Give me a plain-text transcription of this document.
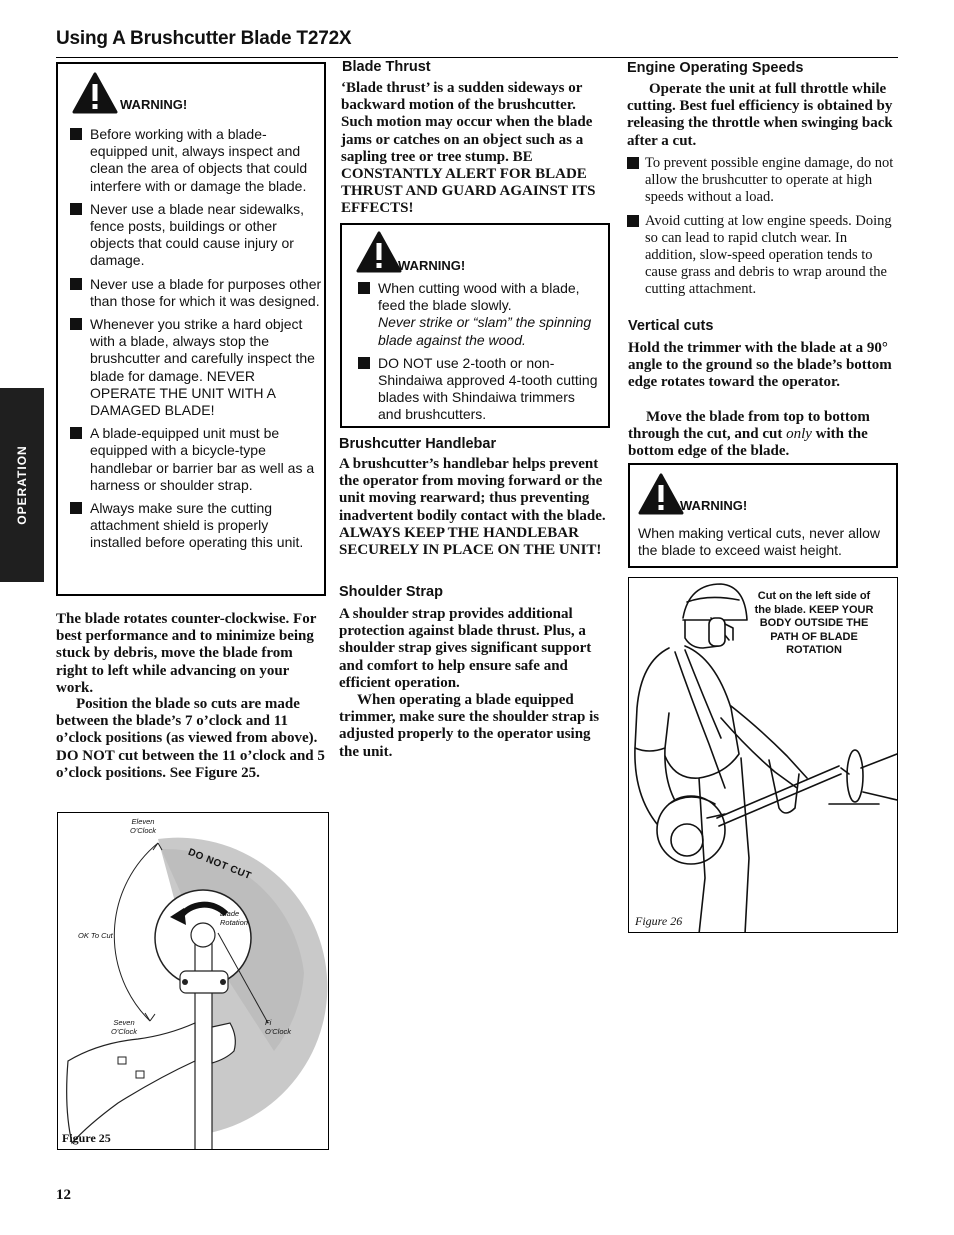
Using A Brushcutter Blade T272X
OPERATION
WARNING!
Before working with a blade-equipped unit, always inspect and clean the area of objects that could interfere with or damage the blade.
Never use a blade near sidewalks, fence posts, buildings or other objects that could cause injury or damage.
Never use a blade for purposes other than those for which it was designed.
Whenever you strike a hard object with a blade, always stop the brushcutter and carefully inspect the blade for damage. NEVER OPERATE THE UNIT WITH A DAMAGED BLADE!
A blade-equipped unit must be equipped with a bicycle-type handlebar or barrier bar as well as a harness or shoulder strap.
Always make sure the cutting attachment shield is properly installed before operating this unit.

The blade rotates counter-clockwise. For best performance and to minimize being stuck by debris, move the blade from right to left while advancing on your work.

Position the blade so cuts are made between the blade’s 7 o’clock and 11 o’clock positions (as viewed from above). DO NOT cut between the 11 o’clock and 5 o’clock positions. See Figure 25.

Eleven
O'Clock
DO NOT CUT
Blade
Rotation
OK To Cut
Seven
O'Clock
Fi
O'Clock
Figure 25
Blade Thrust

‘Blade thrust’ is a sudden sideways or backward motion of the brushcutter. Such motion may occur when the blade jams or catches on an object such as a sapling tree or tree stump. BE CONSTANTLY ALERT FOR BLADE THRUST AND GUARD AGAINST ITS EFFECTS!

WARNING!
When cutting wood with a blade, feed the blade slowly.
Never strike or “slam” the spinning blade against the wood.
DO NOT use 2-tooth or non-Shindaiwa approved 4-tooth cutting blades with Shindaiwa trimmers and brushcutters.
Brushcutter Handlebar

A brushcutter’s handlebar helps prevent the operator from moving forward or the unit moving rearward; thus preventing inadvertent bodily contact with the blade. ALWAYS KEEP THE HANDLEBAR SECURELY IN PLACE ON THE UNIT!

Shoulder Strap

A shoulder strap provides additional protection against blade thrust. Plus, a shoulder strap gives significant support and comfort to help ensure safe and efficient operation.

When operating a blade equipped trimmer, make sure the shoulder strap is adjusted properly to the operator using the unit.

Engine Operating Speeds

Operate the unit at full throttle while cutting. Best fuel efficiency is obtained by releasing the throttle when swinging back after a cut.

To prevent possible engine damage, do not allow the brushcutter to operate at high speeds without a load.
Avoid cutting at low engine speeds. Doing so can lead to rapid clutch wear. In addition, slow-speed operation tends to cause grass and debris to wrap around the cutting attachment.
Vertical cuts

Hold the trimmer with the blade at a 90° angle to the ground so the blade’s bottom edge rotates toward the operator.

Move the blade from top to bottom through the cut, and cut only with the bottom edge of the blade.

WARNING!
When making vertical cuts, never allow the blade to exceed waist height.
Cut on the left side of the blade. KEEP YOUR BODY OUTSIDE THE PATH OF BLADE ROTATION
Figure 26
12
